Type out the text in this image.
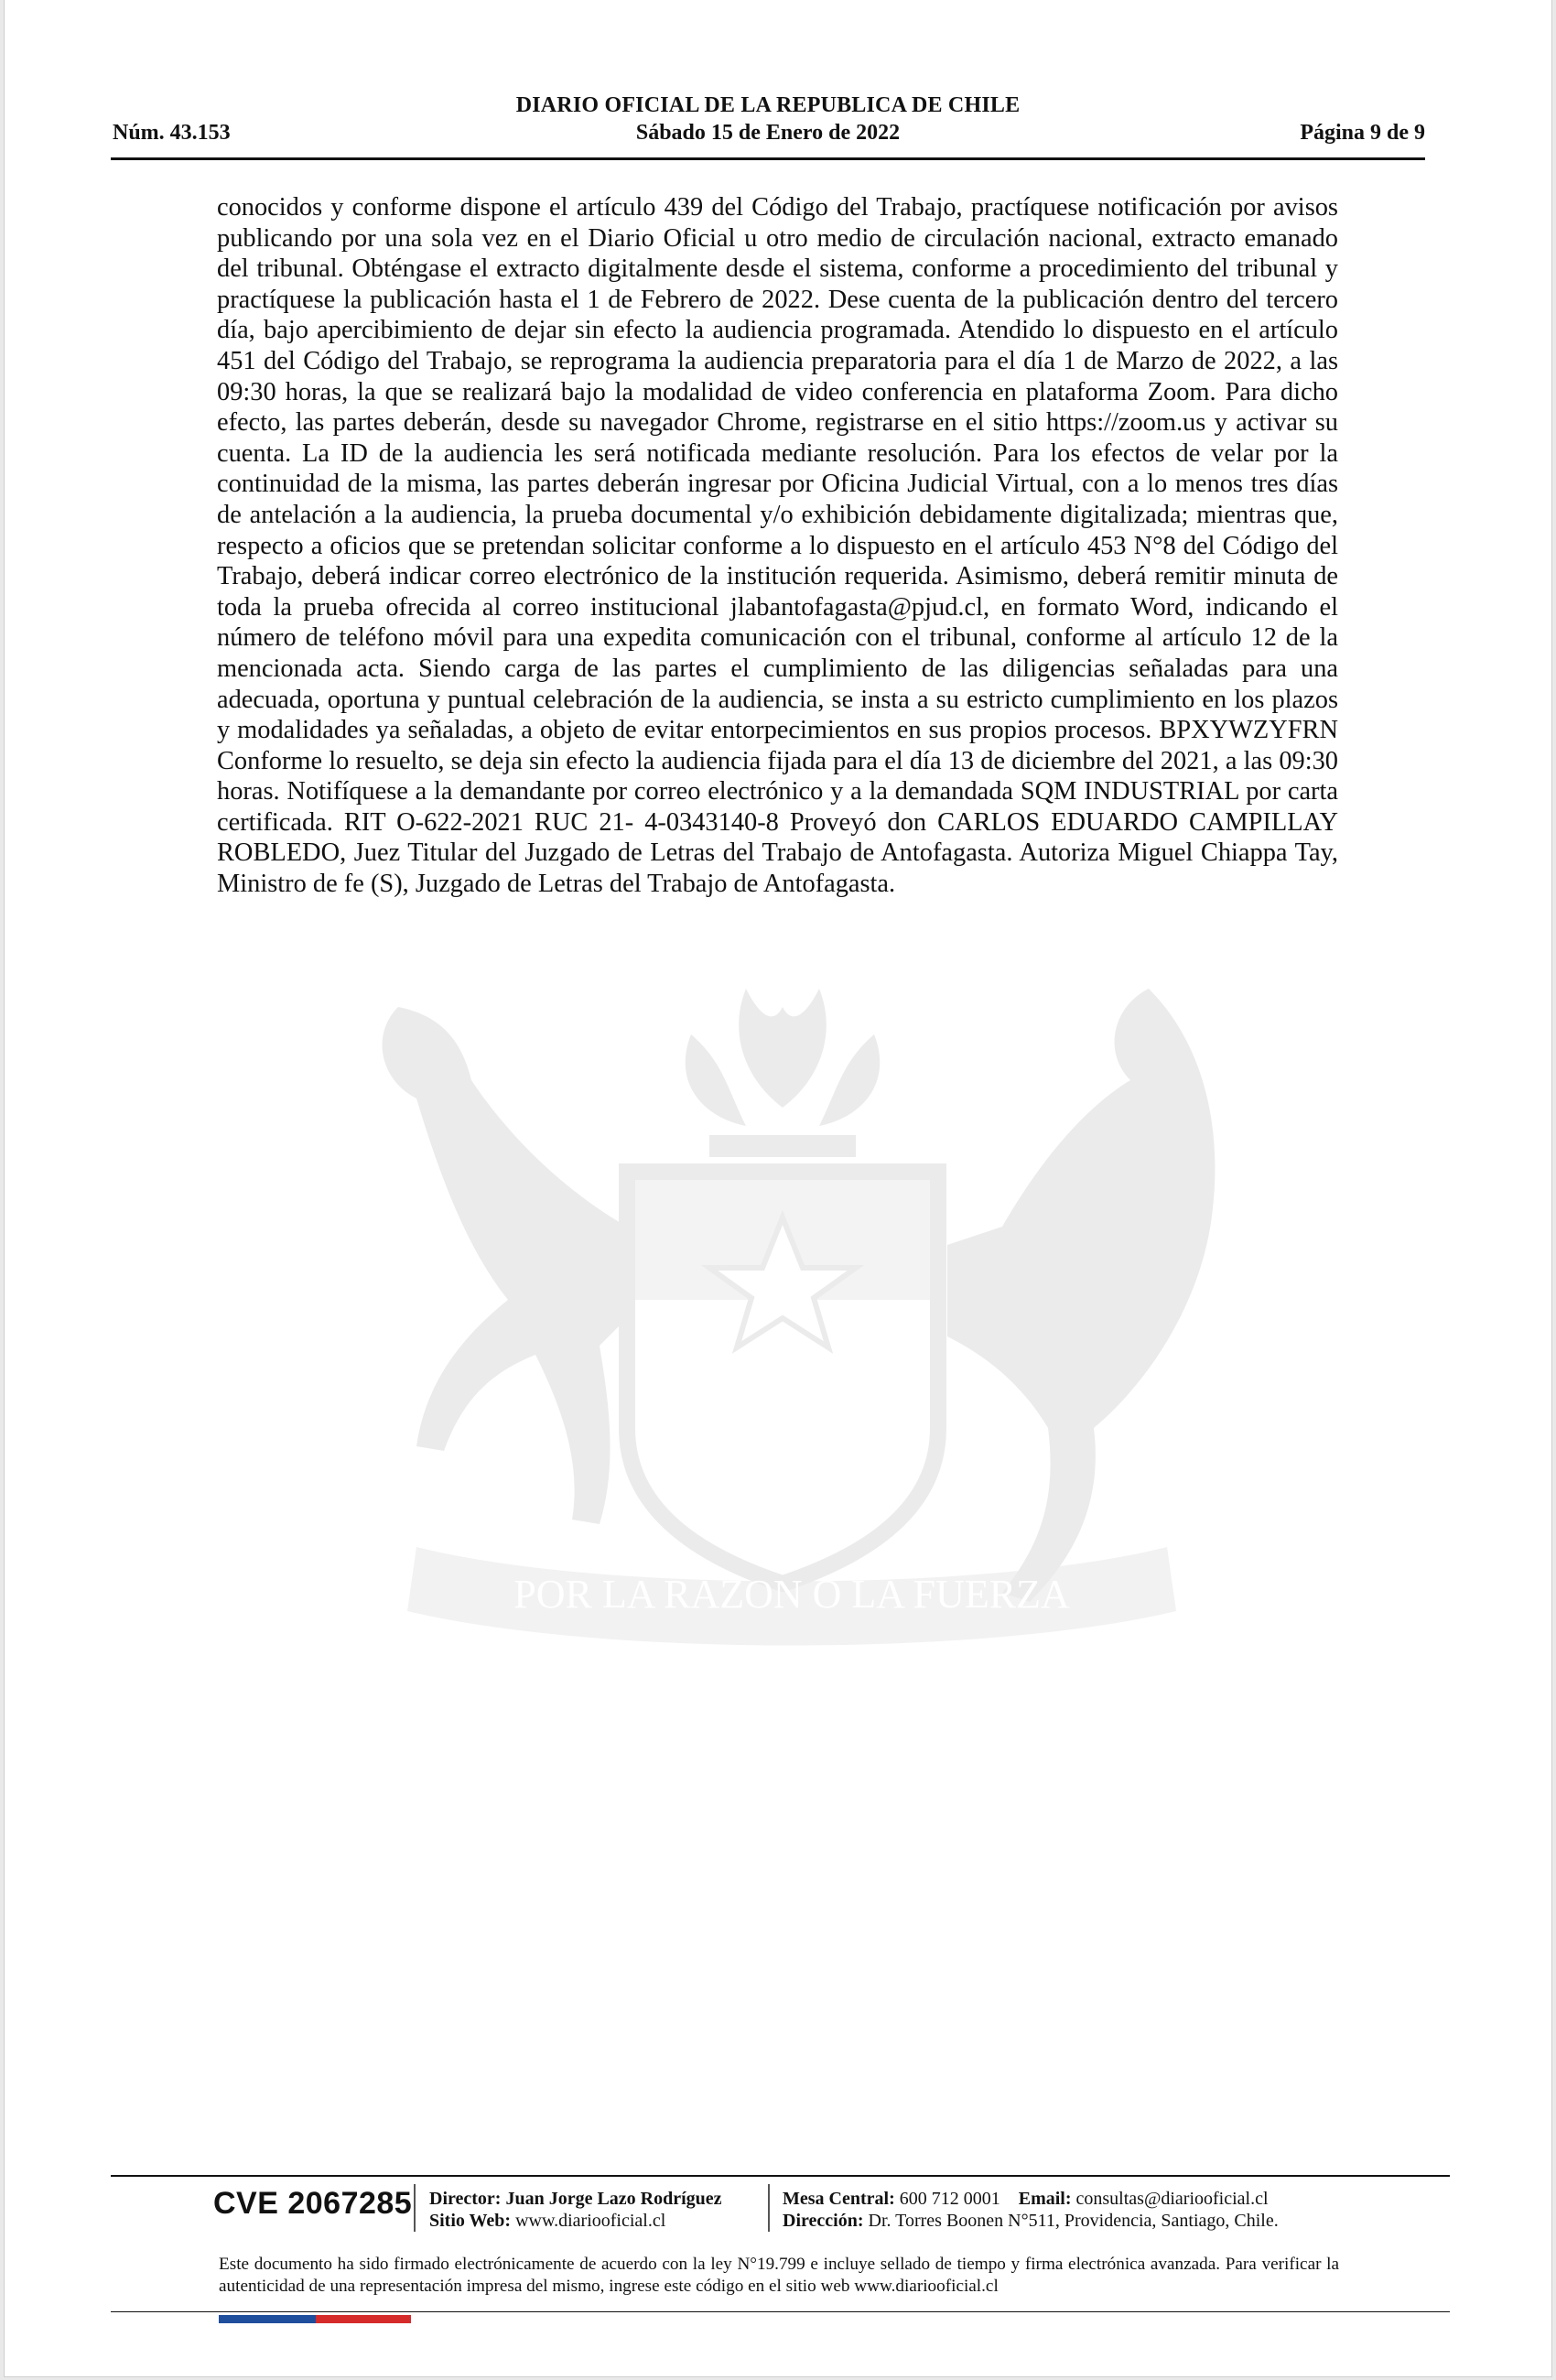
DIARIO OFICIAL DE LA REPUBLICA DE CHILE
Núm. 43.153	Sábado 15 de Enero de 2022	Página 9 de 9
POR LA RAZON O LA FUERZA
conocidos y conforme dispone el artículo 439 del Código del Trabajo, practíquese notificación por avisos publicando por una sola vez en el Diario Oficial u otro medio de circulación nacional, extracto emanado del tribunal. Obténgase el extracto digitalmente desde el sistema, conforme a procedimiento del tribunal y practíquese la publicación hasta el 1 de Febrero de 2022. Dese cuenta de la publicación dentro del tercero día, bajo apercibimiento de dejar sin efecto la audiencia programada. Atendido lo dispuesto en el artículo 451 del Código del Trabajo, se reprograma la audiencia preparatoria para el día 1 de Marzo de 2022, a las 09:30 horas, la que se realizará bajo la modalidad de video conferencia en plataforma Zoom. Para dicho efecto, las partes deberán, desde su navegador Chrome, registrarse en el sitio https://zoom.us y activar su cuenta. La ID de la audiencia les será notificada mediante resolución. Para los efectos de velar por la continuidad de la misma, las partes deberán ingresar por Oficina Judicial Virtual, con a lo menos tres días de antelación a la audiencia, la prueba documental y/o exhibición debidamente digitalizada; mientras que, respecto a oficios que se pretendan solicitar conforme a lo dispuesto en el artículo 453 N°8 del Código del Trabajo, deberá indicar correo electrónico de la institución requerida. Asimismo, deberá remitir minuta de toda la prueba ofrecida al correo institucional jlabantofagasta@pjud.cl, en formato Word, indicando el número de teléfono móvil para una expedita comunicación con el tribunal, conforme al artículo 12 de la mencionada acta. Siendo carga de las partes el cumplimiento de las diligencias señaladas para una adecuada, oportuna y puntual celebración de la audiencia, se insta a su estricto cumplimiento en los plazos y modalidades ya señaladas, a objeto de evitar entorpecimientos en sus propios procesos. BPXYWZYFRN Conforme lo resuelto, se deja sin efecto la audiencia fijada para el día 13 de diciembre del 2021, a las 09:30 horas. Notifíquese a la demandante por correo electrónico y a la demandada SQM INDUSTRIAL por carta certificada. RIT O-622-2021 RUC 21- 4-0343140-8 Proveyó don CARLOS EDUARDO CAMPILLAY ROBLEDO, Juez Titular del Juzgado de Letras del Trabajo de Antofagasta. Autoriza Miguel Chiappa Tay, Ministro de fe (S), Juzgado de Letras del Trabajo de Antofagasta.
CVE 2067285 Director: Juan Jorge Lazo Rodríguez
Sitio Web: www.diariooficial.cl
Mesa Central: 600 712 0001 Email: consultas@diariooficial.cl
Dirección: Dr. Torres Boonen N°511, Providencia, Santiago, Chile.
Este documento ha sido firmado electrónicamente de acuerdo con la ley N°19.799 e incluye sellado de tiempo y firma electrónica avanzada. Para verificar la autenticidad de una representación impresa del mismo, ingrese este código en el sitio web www.diariooficial.cl
